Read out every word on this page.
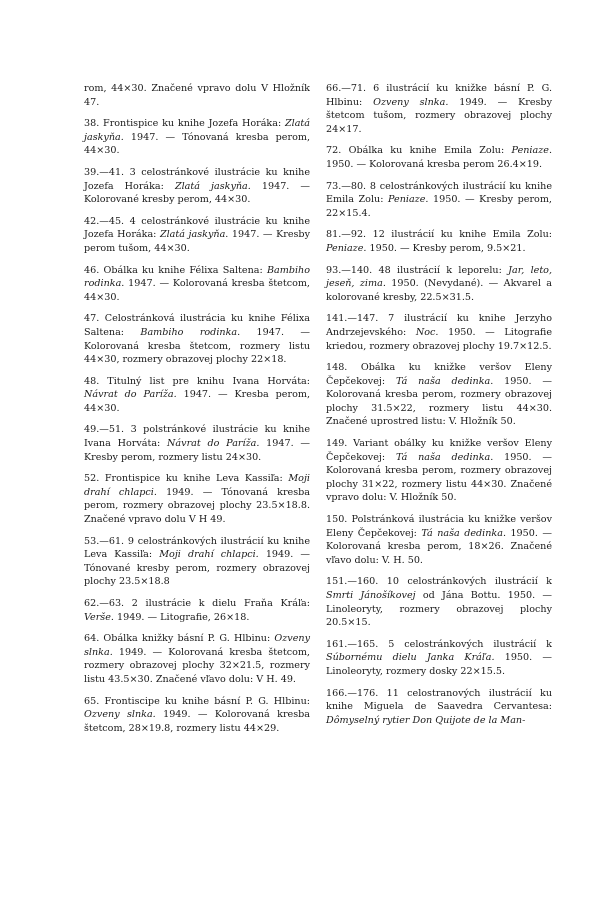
rom, 44×30. Značené vpravo dolu V Hložník 47.

38. Frontispice ku knihe Jozefa Horáka: Zlatá jaskyňa. 1947. — Tónovaná kresba perom, 44×30.

39.—41. 3 celostránkové ilustrácie ku knihe Jozefa Horáka: Zlatá jaskyňa. 1947. — Kolorované kresby perom, 44×30.

42.—45. 4 celostránkové ilustrácie ku knihe Jozefa Horáka: Zlatá jaskyňa. 1947. — Kresby perom tušom, 44×30.

46. Obálka ku knihe Félixa Saltena: Bambiho rodinka. 1947. — Kolorovaná kresba štetcom, 44×30.

47. Celostránková ilustrácia ku knihe Félixa Saltena: Bambiho rodinka. 1947. — Kolorovaná kresba štetcom, rozmery listu 44×30, rozmery obrazovej plochy 22×18.

48. Titulný list pre knihu Ivana Horváta: Návrat do Paríža. 1947. — Kresba perom, 44×30.

49.—51. 3 polstránkové ilustrácie ku knihe Ivana Horváta: Návrat do Paríža. 1947. — Kresby perom, rozmery listu 24×30.

52. Frontispice ku knihe Leva Kassiľa: Moji drahí chlapci. 1949. — Tónovaná kresba perom, rozmery obrazovej plochy 23.5×18.8. Značené vpravo dolu V H 49.

53.—61. 9 celostránkových ilustrácií ku knihe Leva Kassiľa: Moji drahí chlapci. 1949. — Tónované kresby perom, rozmery obrazovej plochy 23.5×18.8

62.—63. 2 ilustrácie k dielu Fraňa Kráľa: Verše. 1949. — Litografie, 26×18.

64. Obálka knižky básní P. G. Hlbinu: Ozveny slnka. 1949. — Kolorovaná kresba štetcom, rozmery obrazovej plochy 32×21.5, rozmery listu 43.5×30. Značené vľavo dolu: V H. 49.

65. Frontiscipe ku knihe básní P. G. Hlbinu: Ozveny slnka. 1949. — Kolorovaná kresba štetcom, 28×19.8, rozmery listu 44×29.

66.—71. 6 ilustrácií ku knižke básní P. G. Hlbinu: Ozveny slnka. 1949. — Kresby štetcom tušom, rozmery obrazovej plochy 24×17.

72. Obálka ku knihe Emila Zolu: Peniaze. 1950. — Kolorovaná kresba perom 26.4×19.

73.—80. 8 celostránkových ilustrácií ku knihe Emila Zolu: Peniaze. 1950. — Kresby perom, 22×15.4.

81.—92. 12 ilustrácií ku knihe Emila Zolu: Peniaze. 1950. — Kresby perom, 9.5×21.

93.—140. 48 ilustrácií k leporelu: Jar, leto, jeseň, zima. 1950. (Nevydané). — Akvarel a kolorované kresby, 22.5×31.5.

141.—147. 7 ilustrácií ku knihe Jerzyho Andrzejevského: Noc. 1950. — Litografie kriedou, rozmery obrazovej plochy 19.7×12.5.

148. Obálka ku knižke veršov Eleny Čepčekovej: Tá naša dedinka. 1950. — Kolorovaná kresba perom, rozmery obrazovej plochy 31.5×22, rozmery listu 44×30. Značené uprostred listu: V. Hložník 50.

149. Variant obálky ku knižke veršov Eleny Čepčekovej: Tá naša dedinka. 1950. — Kolorovaná kresba perom, rozmery obrazovej plochy 31×22, rozmery listu 44×30. Značené vpravo dolu: V. Hložník 50.

150. Polstránková ilustrácia ku knižke veršov Eleny Čepčekovej: Tá naša dedinka. 1950. — Kolorovaná kresba perom, 18×26. Značené vľavo dolu: V. H. 50.

151.—160. 10 celostránkových ilustrácií k Smrti Jánošíkovej od Jána Bottu. 1950. — Linoleoryty, rozmery obrazovej plochy 20.5×15.

161.—165. 5 celostránkových ilustrácií k Súbornému dielu Janka Kráľa. 1950. — Linoleoryty, rozmery dosky 22×15.5.

166.—176. 11 celostranových ilustrácií ku knihe Miguela de Saavedra Cervantesa: Dômyselný rytier Don Quijote de la Man-
